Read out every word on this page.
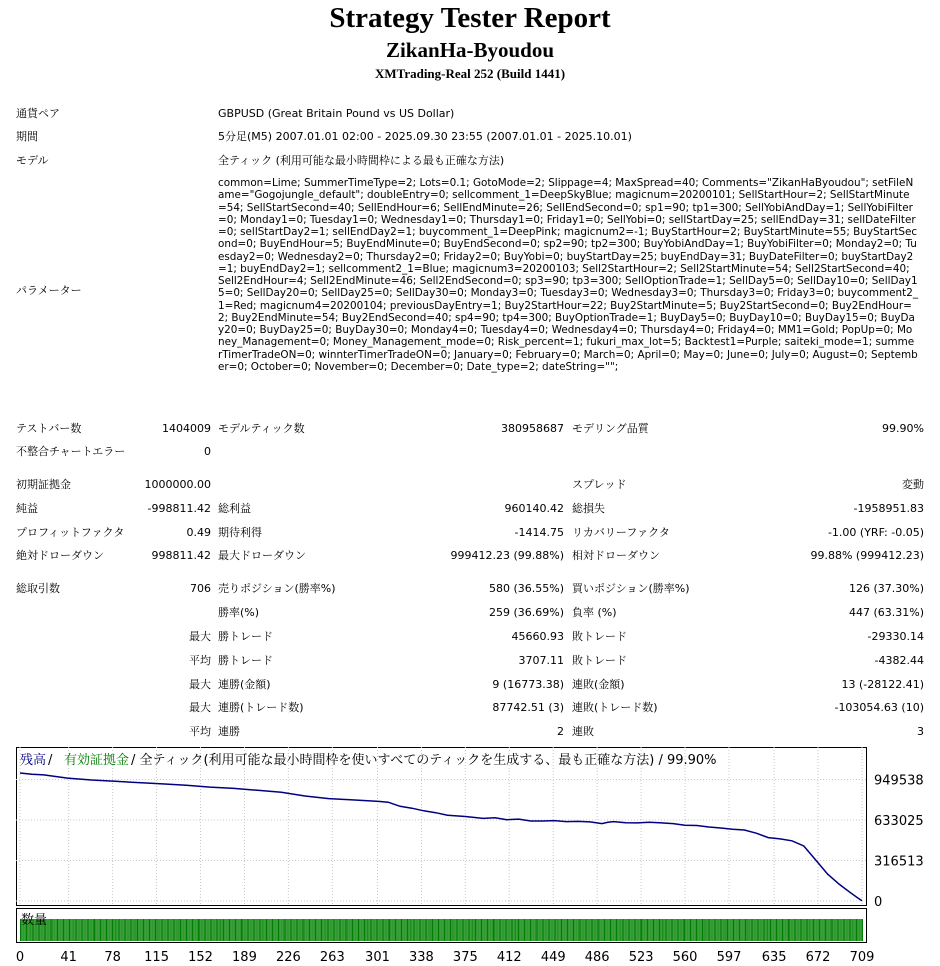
Strategy Tester Report
ZikanHa-Byoudou
XMTrading-Real 252 (Build 1441)
通貨ペア	GBPUSD (Great Britain Pound vs US Dollar)
期間	5分足(M5) 2007.01.01 02:00 - 2025.09.30 23:55 (2007.01.01 - 2025.10.01)
モデル	全ティック (利用可能な最小時間枠による最も正確な方法)
パラメーター
common=Lime; SummerTimeType=2; Lots=0.1; GotoMode=2; Slippage=4; MaxSpread=40; Comments="ZikanHaByoudou"; setFileName="Gogojungle_default"; doubleEntry=0; sellcomment_1=DeepSkyBlue; magicnum=20200101; SellStartHour=2; SellStartMinute=54; SellStartSecond=40; SellEndHour=6; SellEndMinute=26; SellEndSecond=0; sp1=90; tp1=300; SellYobiAndDay=1; SellYobiFilter=0; Monday1=0; Tuesday1=0; Wednesday1=0; Thursday1=0; Friday1=0; SellYobi=0; sellStartDay=25; sellEndDay=31; sellDateFilter=0; sellStartDay2=1; sellEndDay2=1; buycomment_1=DeepPink; magicnum2=-1; BuyStartHour=2; BuyStartMinute=55; BuyStartSecond=0; BuyEndHour=5; BuyEndMinute=0; BuyEndSecond=0; sp2=90; tp2=300; BuyYobiAndDay=1; BuyYobiFilter=0; Monday2=0; Tuesday2=0; Wednesday2=0; Thursday2=0; Friday2=0; BuyYobi=0; buyStartDay=25; buyEndDay=31; BuyDateFilter=0; buyStartDay2=1; buyEndDay2=1; sellcomment2_1=Blue; magicnum3=20200103; Sell2StartHour=2; Sell2StartMinute=54; Sell2StartSecond=40; Sell2EndHour=4; Sell2EndMinute=46; Sell2EndSecond=0; sp3=90; tp3=300; SellOptionTrade=1; SellDay5=0; SellDay10=0; SellDay15=0; SellDay20=0; SellDay25=0; SellDay30=0; Monday3=0; Tuesday3=0; Wednesday3=0; Thursday3=0; Friday3=0; buycomment2_1=Red; magicnum4=20200104; previousDayEntry=1; Buy2StartHour=22; Buy2StartMinute=5; Buy2StartSecond=0; Buy2EndHour=2; Buy2EndMinute=54; Buy2EndSecond=40; sp4=90; tp4=300; BuyOptionTrade=1; BuyDay5=0; BuyDay10=0; BuyDay15=0; BuyDay20=0; BuyDay25=0; BuyDay30=0; Monday4=0; Tuesday4=0; Wednesday4=0; Thursday4=0; Friday4=0; MM1=Gold; PopUp=0; Money_Management=0; Money_Management_mode=0; Risk_percent=1; fukuri_max_lot=5; Backtest1=Purple; saiteki_mode=1; summerTimerTradeON=0; winnterTimerTradeON=0; January=0; February=0; March=0; April=0; May=0; June=0; July=0; August=0; September=0; October=0; November=0; December=0; Date_type=2; dateString="";
テストバー数	1404009 モデルティック数	380958687 モデリング品質	99.90%
不整合チャートエラー	0
初期証拠金	1000000.00	スプレッド	変動
純益	-998811.42 総利益	960140.42 総損失	-1958951.83
プロフィットファクタ	0.49 期待利得	-1414.75 リカバリーファクタ	-1.00 (YRF: -0.05)
絶対ドローダウン	998811.42 最大ドローダウン	999412.23 (99.88%) 相対ドローダウン	99.88% (999412.23)
総取引数	706 売りポジション(勝率%)	580 (36.55%) 買いポジション(勝率%)	126 (37.30%)
勝率(%)	259 (36.69%) 負率 (%)	447 (63.31%)
最大 勝トレード	45660.93 敗トレード	-29330.14
平均 勝トレード	3707.11 敗トレード	-4382.44
最大 連勝(金額)	9 (16773.38) 連敗(金額)	13 (-28122.41)
最大 連勝(トレード数)	87742.51 (3) 連敗(トレード数)	-103054.63 (10)
平均 連勝	2 連敗	3
残高 / 有効証拠金 / 全ティック(利用可能な最小時間枠を使いすべてのティックを生成する、最も正確な方法) / 99.90%
949538
633025
316513
0
数量
0	41 78 115 152 189 226 263 301 338 375 412 449 486 523 560 597 635 672 709
